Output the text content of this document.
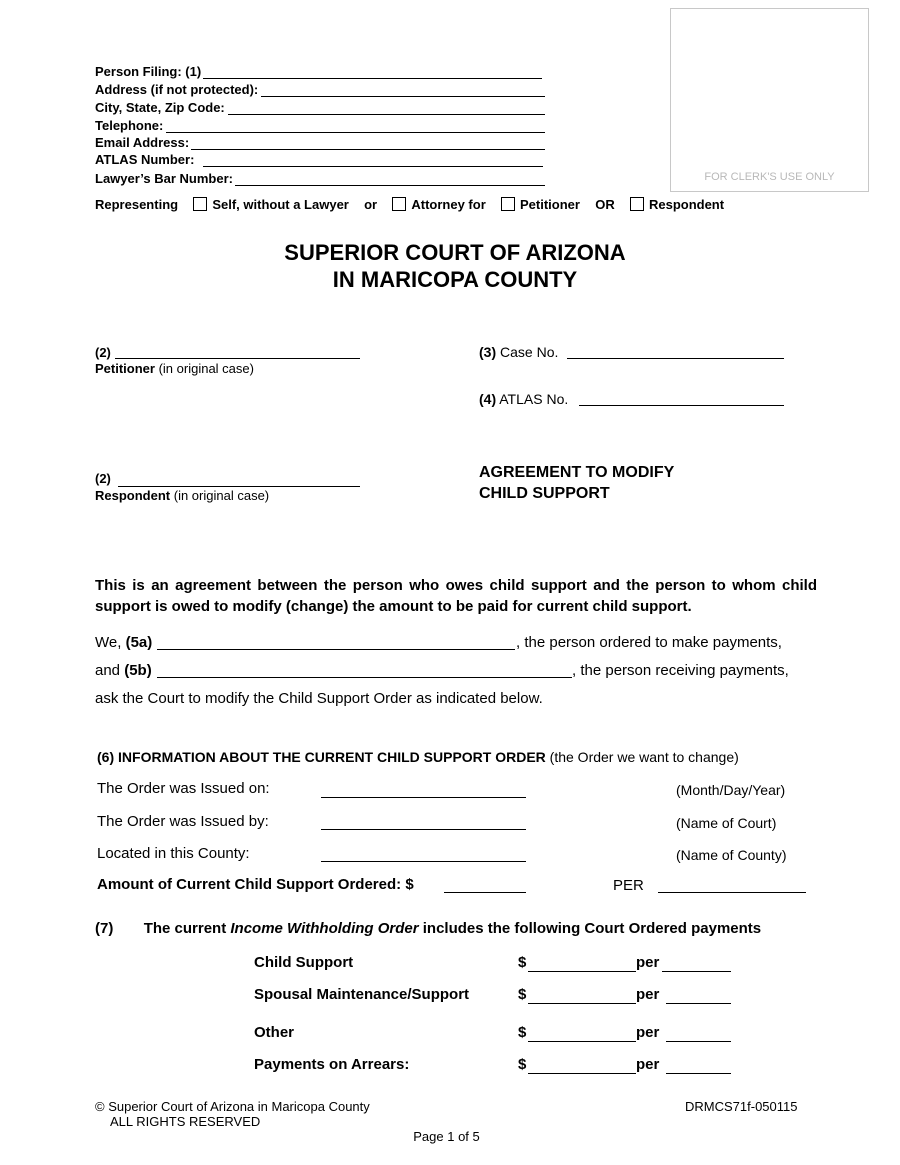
Person Filing: (1)
Address (if not protected):
City, State, Zip Code:
Telephone:
Email Address:
ATLAS Number:
Lawyer’s Bar Number:	FOR CLERK'S USE ONLY
Representing	Self, without a Lawyer or	Attorney for	Petitioner OR	Respondent
SUPERIOR COURT OF ARIZONA
IN MARICOPA COUNTY
(2)
Petitioner (in original case)
(2)
Respondent (in original case)
(3) Case No.
(4) ATLAS No.
AGREEMENT TO MODIFY
CHILD SUPPORT
This is an agreement between the person who owes child support and the person to whom child support is owed to modify (change) the amount to be paid for current child support.
We, (5a)	, the person ordered to make payments,
and (5b)	, the person receiving payments,
ask the Court to modify the Child Support Order as indicated below.
(6) INFORMATION ABOUT THE CURRENT CHILD SUPPORT ORDER (the Order we want to change)
The Order was Issued on:	(Month/Day/Year)
The Order was Issued by:	(Name of Court)
Located in this County:	(Name of County)
Amount of Current Child Support Ordered: $	PER
(7) The current Income Withholding Order includes the following Court Ordered payments
Child Support	$	per
Spousal Maintenance/Support	$	per
Other	$	per
Payments on Arrears:	$	per
© Superior Court of Arizona in Maricopa County
ALL RIGHTS RESERVED
DRMCS71f-050115
Page 1 of 5
